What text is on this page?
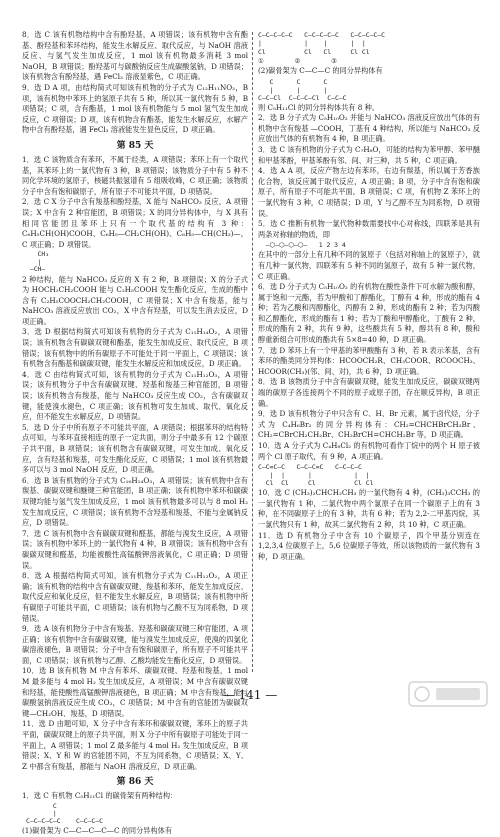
8．选 C 该有机物结构中含有酚羟基，A 项错误；该有机物中含有酯基、酚羟基和苯环结构，能发生水解反应、取代反应，与 NaOH 溶液反应、与氢气发生加成反应，1 mol 该有机物最多消耗 3 mol NaOH，B 项错误；酚羟基可与碳酸钠反应生成碳酸氢钠，D 项错误；该有机物含有酚羟基，遇 FeCl₃ 溶液显紫色，C 项正确。

9．选 D A 项，由结构简式可知该有机物的分子式为 C₁₂H₁₁NO₂，B 项，该有机物中苯环上的氢原子共有 5 种，所以其一氯代物有 5 种，B 项错误；C 项，含有酯基，1 mol 该有机物能与 5 mol 氢气发生加成反应，C 项错误；D 项，该有机物含有酯基，能发生水解反应，水解产物中含有酚羟基，遇 FeCl₃ 溶液能发生显色反应，D 项正确。

第 85 天

1．选 C 该物质含有苯环，不属于烃类，A 项错误；苯环上有一个取代基，其苯环上的一氯代物有 3 种，B 项错误；该物质分子中有 5 种不同化学环境的氢原子，核磁共振氢谱有 5 组吸收峰，C 项正确；该物质分子中含有饱和碳原子，所有原子不可能共平面，D 项错误。

2．选 C X 分子中含有羧基和酚羟基，X 能与 NaHCO₃ 反应，A 项错误；X 中含有 2 种官能团，B 项错误；X 的同分异构体中，与 X 具有相同官能团且苯环上只有一个取代基的结构有 3 种：C₆H₅CH(OH)COOH、C₆H₅—CH₂CH(OH)、C₆H₅—CH(CH₃)—，C 项正确；D 项错误。

CH₃
|
—CH—

2 种结构，能与 NaHCO₃ 反应的 X 有 2 种，B 项错误；X 的分子式为 HOCH₂CH₂COOH 能与 C₂H₅COOH 发生酯化反应，生成的酯中含有 C₂H₅COOCH₂CH₂COOH，C 项错误；X 中含有羧基，能与 NaHCO₃ 溶液反应放出 CO₂，X 中含有羟基，可以发生消去反应，D 项正确。

3．选 D 根据结构简式可知该有机物的分子式为 C₁₁H₁₄O₂，A 项错误；该有机物含有碳碳双键和酯基，能发生加成反应、取代反应，B 项错误；该有机物中的所有碳原子不可能处于同一平面上，C 项错误；该有机物含有酯基和碳碳双键，能发生水解反应和加成反应，D 项正确。

4．选 C 由结构简式可知，该有机物的分子式为 C₁₁H₁₂O₃，A 项错误；该有机物分子中含有碳碳双键、羟基和羧基三种官能团，B 项错误；该有机物含有羧基，能与 NaHCO₃ 反应生成 CO₂，含有碳碳双键，能使溴水褪色，C 项正确；该有机物可发生加成、取代、氧化反应，但不能发生水解反应，D 项错误。

5．选 D 分子中所有原子不可能共平面，A 项错误；根据苯环的结构特点可知，与苯环直接相连的原子一定共面，则分子中最多有 12 个碳原子共平面，B 项错误；该有机物含有碳碳双键，可发生加成、氧化反应，含有羟基和羧基，可发生酯化反应，C 项错误；1 mol 该有机物最多可以与 3 mol NaOH 反应，D 项正确。

6．选 B 该有机物的分子式为 C₁₆H₁₄O₃，A 项错误；该有机物中含有羰基、碳碳双键和醚键三种官能团，B 项正确；该有机物中苯环和碳碳双键均能与氢气发生加成反应，1 mol 该有机物最多可以与 8 mol H₂ 发生加成反应，C 项错误；该有机物不含羟基和羧基，不能与金属钠反应，D 项错误。

7．选 C 该有机物中含有碳碳双键和醛基，都能与溴发生反应，A 项错误；该有机物中苯环上的一氯代物有 4 种，B 项错误；该有机物中含有碳碳双键和醛基，均能被酸性高锰酸钾溶液氧化，C 项正确；D 项错误。

8．选 A 根据结构简式可知，该有机物分子式为 C₁₁H₁₂O₂，A 项正确；该有机物的结构中含有碳碳双键、羧基和苯环，能发生加成反应、取代反应和氧化反应，但不能发生水解反应，B 项错误；该有机物中所有碳原子可能共平面，C 项错误；该有机物与乙酸不互为同系物，D 项错误。

9．选 A 该有机物分子中含有羧基、羟基和碳碳双键三种官能团，A 项正确；该有机物中含有碳碳双键，能与溴发生加成反应，使溴的四氯化碳溶液褪色，B 项错误；分子中含有饱和碳原子，所有原子不可能共平面，C 项错误；该有机物与乙醇、乙酸均能发生酯化反应，D 项错误。

10．选 B 该有机物 M 中含有苯环、碳碳双键、羟基和羧基，1 mol M 最多能与 4 mol H₂ 发生加成反应，A 项错误；M 中含有碳碳双键和羟基，能使酸性高锰酸钾溶液褪色，B 项正确；M 中含有羧基，能与碳酸氢钠溶液反应生成 CO₂，C 项错误；M 中含有的官能团为碳碳双键—CH₂OH、羧基，D 项错误。

11．选 D 由题可知，X 分子中含有苯环和碳碳双键，苯环上的原子共平面，碳碳双键上的原子共平面，则 X 分子中所有碳原子可能处于同一平面上，A 项错误；1 mol Z 最多能与 4 mol H₂ 发生加成反应，B 项错误；X、Y 和 W 的官能团不同，不互为同系物，C 项错误；X、Y、Z 中都含有羧基，都能与 NaOH 溶液反应，D 项正确。

第 86 天

1．选 C 有机物 C₅H₁₁Cl 的碳骨架有两种结构：

C
|
C—C—C—C—C    C—C—C—C

(1)碳骨架为 C—C—C—C—C 的同分异构体有

C—C—C—C—C   C—C—C—C—C   C—C—C—C—C
|           |    |      |  |
Cl          Cl   Cl     Cl Cl
①        ②        ③

(2)碳骨架为 C—C—C 的同分异构体有

C      C      C
|      |      |
C—C—Cl  C—C—C—Cl  C—C—C

则 C₅H₁₁Cl 的同分异构体共有 8 种。

2．选 B 分子式为 C₅H₁₀O₂ 并能与 NaHCO₃ 溶液反应放出气体的有机物中含有羧基 —COOH，丁基有 4 种结构，所以能与 NaHCO₃ 反应放出气体的有机物有 4 种，B 项正确。

3．选 C 该有机物的分子式为 C₇H₈O，可能的结构为苯甲醇、苯甲醚和甲基苯酚，甲基苯酚有邻、间、对三种，共 5 种，C 项正确。

4．选 A A 项，反应产物左边有苯环，右边有羰基，所以属于芳香族化合物，该反应属于取代反应，A 项正确；B 项，分子中含有饱和碳原子，所有原子不可能共平面，B 项错误；C 项，有机物 Z 苯环上的一氯代物有 3 种，C 项错误；D 项，Y 与乙醇不互为同系物，D 项错误。

5．选 C 推断有机物一氯代物种数需要找中心对称线，四联苯是具有两条对称轴的物质，即

—⬡—⬡—⬡—⬡—   1 2 3 4

在其中的一部分上有几种不同的氢原子（包括对称轴上的氢原子），就有几种一氯代物，四联苯有 5 种不同的氢原子，故有 5 种一氯代物，C 项正确。

6．选 D 分子式为 C₅H₁₀O₂ 的有机物在酸性条件下可水解为酸和醇，属于饱和一元酯，若为甲酸和丁醇酯化，丁醇有 4 种，形成的酯有 4 种；若为乙酸和丙醇酯化，丙醇有 2 种，形成的酯有 2 种；若为丙酸和乙醇酯化，形成的酯有 1 种；若为丁酸和甲醇酯化，丁酸有 2 种，形成的酯有 2 种，共有 9 种，这些酸共有 5 种，醇共有 8 种，酸和醇重新组合可形成的酯共有 5×8=40 种，D 项正确。

7．选 D 苯环上有一个甲基的苯甲酸酯有 3 种，若 R 表示苯基，含有苯环的酯类同分异构体：HCOOCH₂R、CH₃COOR、RCOOCH₃、HCOOR(CH₃)(邻、间、对)，共 6 种，D 项正确。

8．选 B 该物质分子中含有碳碳双键，能发生加成反应，碳碳双键两端的碳原子各连接两个不同的原子或原子团，存在顺反异构，B 项正确。

9．选 D 该有机物分子中只含有 C、H、Br 元素，属于卤代烃，分子式为 C₄H₆Br₂ 的同分异构体有：CH₂=CHCHBrCH₂Br、CH₂=CBrCH₂CH₂Br、CH₂BrCH=CHCH₂Br 等，D 项正确。

10．选 A 分子式为 C₄H₈Cl₂ 的有机物可看作丁烷中的两个 H 原子被两个 Cl 原子取代，有 9 种，A 项正确。

C—C=C—C   C—C—C=C   C—C—C—C
|  |      |           |  |
Cl  Cl     Cl          Cl Cl

10．选 C (CH₃)₂CHCH₂CH₃ 的一氯代物有 4 种，(CH₃)₃CCH₃ 的一氯代物有 1 种，二氯代物中两个氯原子在同一个碳原子上的有 3 种，在不同碳原子上的有 3 种，共有 6 种；若为 2,2-二甲基丙烷，其一氯代物只有 1 种，故其二氯代物有 2 种，共 10 种，C 项正确。

11．选 D 有机物分子中含有 10 个碳原子，四个甲基分别连在 1,2,3,4 位碳原子上，5,6 位碳原子等效，所以该物质的一氯代物有 3 种，D 项正确。

— 141 —
